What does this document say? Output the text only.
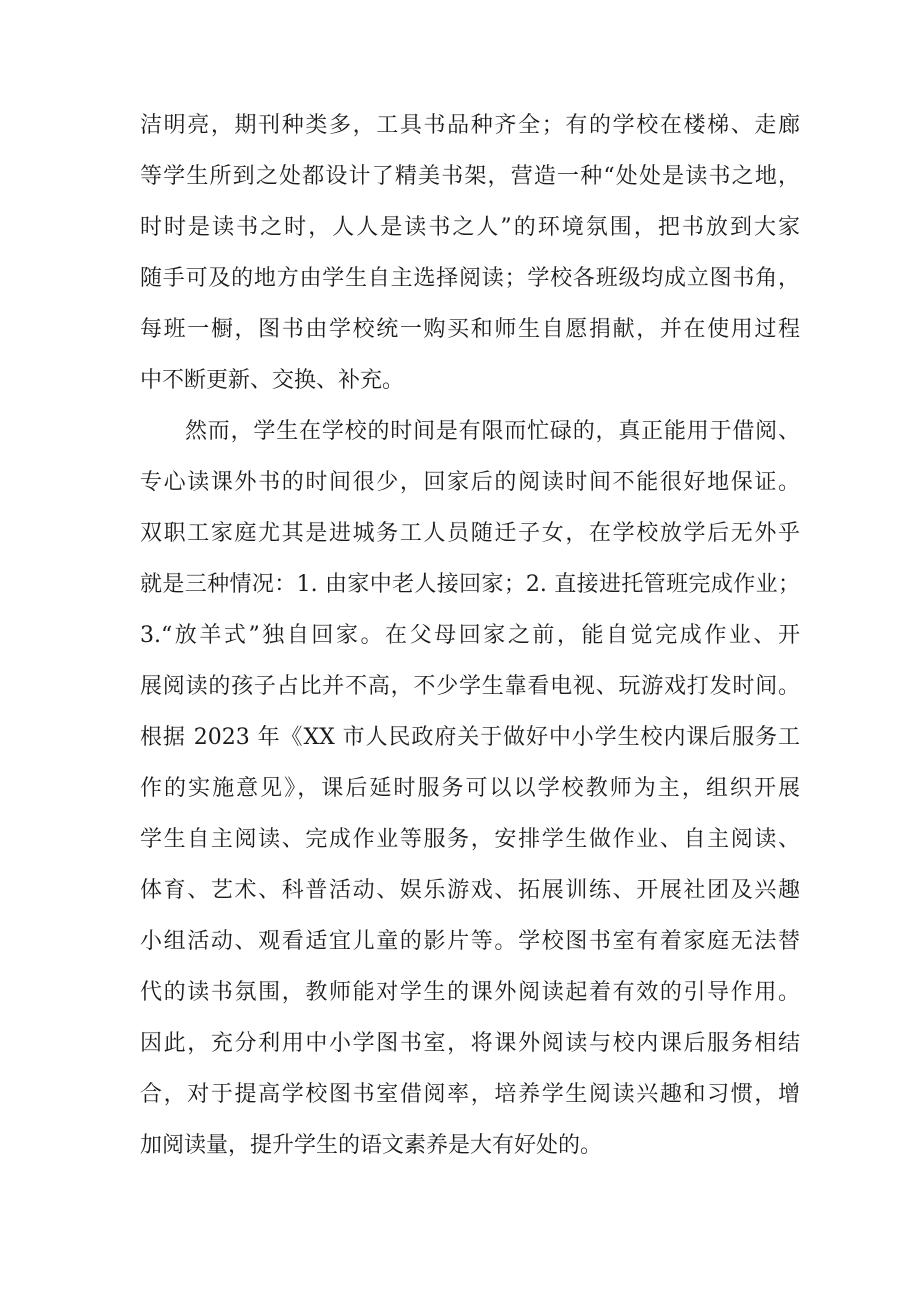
洁明亮，期刊种类多，工具书品种齐全；有的学校在楼梯、走廊
等学生所到之处都设计了精美书架，营造一种“处处是读书之地，
时时是读书之时，人人是读书之人”的环境氛围，把书放到大家
随手可及的地方由学生自主选择阅读；学校各班级均成立图书角，
每班一橱，图书由学校统一购买和师生自愿捐献，并在使用过程
中不断更新、交换、补充。
然而，学生在学校的时间是有限而忙碌的，真正能用于借阅、
专心读课外书的时间很少，回家后的阅读时间不能很好地保证。
双职工家庭尤其是进城务工人员随迁子女，在学校放学后无外乎
就是三种情况：1. 由家中老人接回家；2. 直接进托管班完成作业；
3.“放羊式”独自回家。在父母回家之前，能自觉完成作业、开
展阅读的孩子占比并不高，不少学生靠看电视、玩游戏打发时间。
根据 2023 年《XX 市人民政府关于做好中小学生校内课后服务工
作的实施意见》，课后延时服务可以以学校教师为主，组织开展
学生自主阅读、完成作业等服务，安排学生做作业、自主阅读、
体育、艺术、科普活动、娱乐游戏、拓展训练、开展社团及兴趣
小组活动、观看适宜儿童的影片等。学校图书室有着家庭无法替
代的读书氛围，教师能对学生的课外阅读起着有效的引导作用。
因此，充分利用中小学图书室，将课外阅读与校内课后服务相结
合，对于提高学校图书室借阅率，培养学生阅读兴趣和习惯，增
加阅读量，提升学生的语文素养是大有好处的。
